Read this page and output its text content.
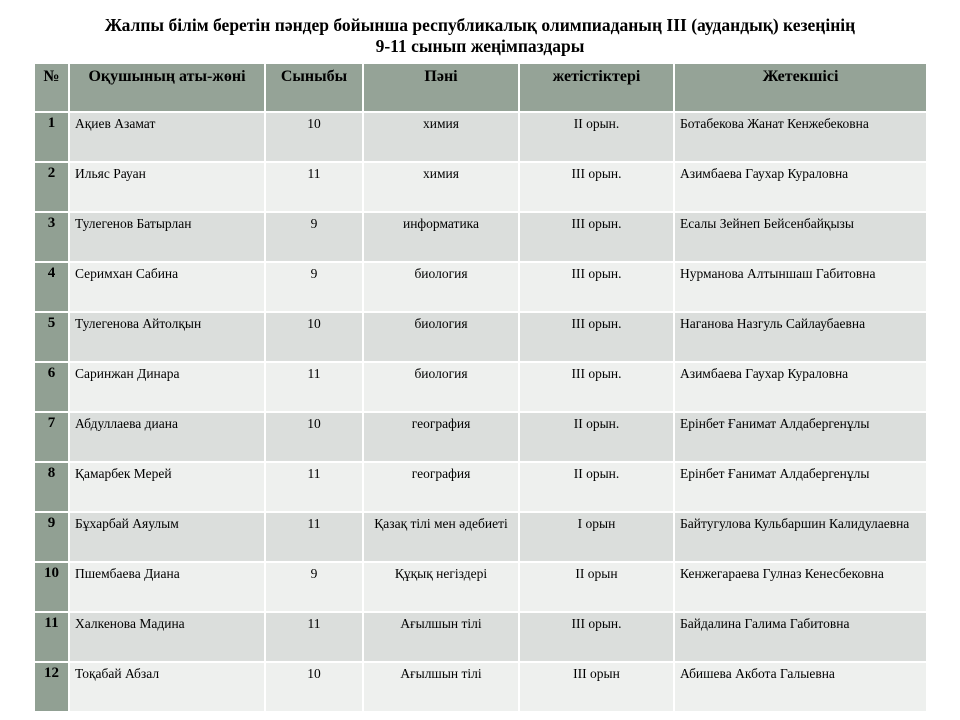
Жалпы білім беретін пәндер бойынша республикалық олимпиаданың III (аудандық) кезеңінің
9-11 сынып жеңімпаздары
№	Оқушының аты-жөні	Сыныбы	Пәні	жетістіктері	Жетекшісі
1	Ақиев Азамат	10	химия	II орын.	Ботабекова Жанат Кенжебековна
2	Ильяс Рауан	11	химия	III орын.	Азимбаева Гаухар Кураловна
3	Тулегенов Батырлан	9	информатика	III орын.	Есалы Зейнеп Бейсенбайқызы
4	Серимхан Сабина	9	биология	III орын.	Нурманова Алтыншаш Габитовна
5	Тулегенова Айтолқын	10	биология	III орын.	Наганова Назгуль Сайлаубаевна
6	Саринжан Динара	11	биология	III орын.	Азимбаева Гаухар Кураловна
7	Абдуллаева диана	10	география	II орын.	Ерінбет Ғанимат Алдабергенұлы
8	Қамарбек Мерей	11	география	II орын.	Ерінбет Ғанимат Алдабергенұлы
9	Бұхарбай Аяулым	11	Қазақ тілі мен әдебиеті	I орын	Байтугулова Кульбаршин Калидулаевна
10	Пшембаева Диана	9	Құқық негіздері	II орын	Кенжегараева Гулназ Кенесбековна
11	Халкенова Мадина	11	Ағылшын тілі	III орын.	Байдалина Галима Габитовна
12	Тоқабай Абзал	10	Ағылшын тілі	III орын	Абишева Акбота Галыевна
